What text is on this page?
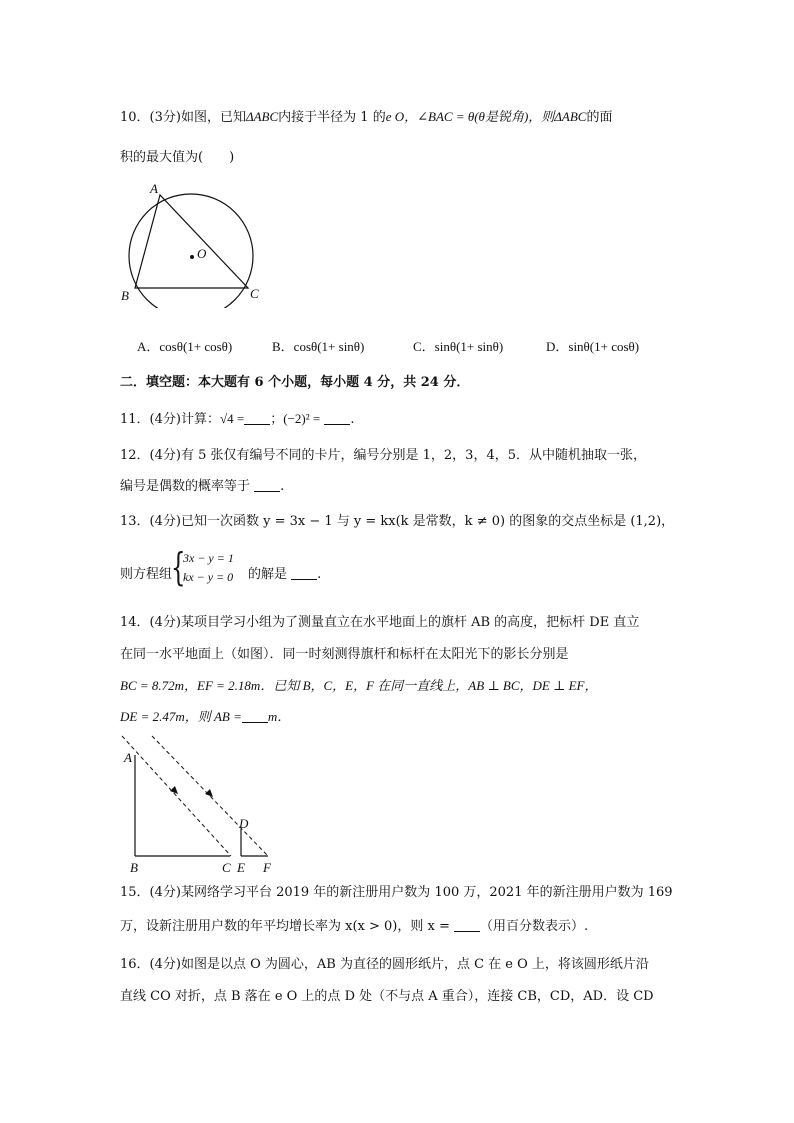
10．(3分)如图，已知ΔABC内接于半径为 1 的e O，∠BAC = θ(θ是锐角)，则ΔABC的面
积的最大值为(　　)
A
O
B	C
A．cosθ(1+ cosθ)	B．cosθ(1+ sinθ)	C．sinθ(1+ sinθ)	D．sinθ(1+ cosθ)
二．填空题：本大题有 6 个小题，每小题 4 分，共 24 分．
11．(4分)计算：√4 = ；(−2)² = .
12．(4分)有 5 张仅有编号不同的卡片，编号分别是 1，2，3，4，5．从中随机抽取一张，
编号是偶数的概率等于 .
13．(4分)已知一次函数 y = 3x − 1 与 y = kx(k 是常数，k ≠ 0) 的图象的交点坐标是 (1,2)，
则方程组	的解是 .
{
3x − y = 1
kx − y = 0
14．(4分)某项目学习小组为了测量直立在水平地面上的旗杆 AB 的高度，把标杆 DE 直立
在同一水平地面上（如图）．同一时刻测得旗杆和标杆在太阳光下的影长分别是
BC = 8.72m，EF = 2.18m．已知 B，C，E，F 在同一直线上，AB ⊥ BC，DE ⊥ EF，
DE = 2.47m，则 AB = m．
A
B	C
D
E F
15．(4分)某网络学习平台 2019 年的新注册用户数为 100 万，2021 年的新注册用户数为 169
万，设新注册用户数的年平均增长率为 x(x > 0)，则 x = （用百分数表示）.
16．(4分)如图是以点 O 为圆心，AB 为直径的圆形纸片，点 C 在 e O 上，将该圆形纸片沿
直线 CO 对折，点 B 落在 e O 上的点 D 处（不与点 A 重合），连接 CB，CD，AD．设 CD
